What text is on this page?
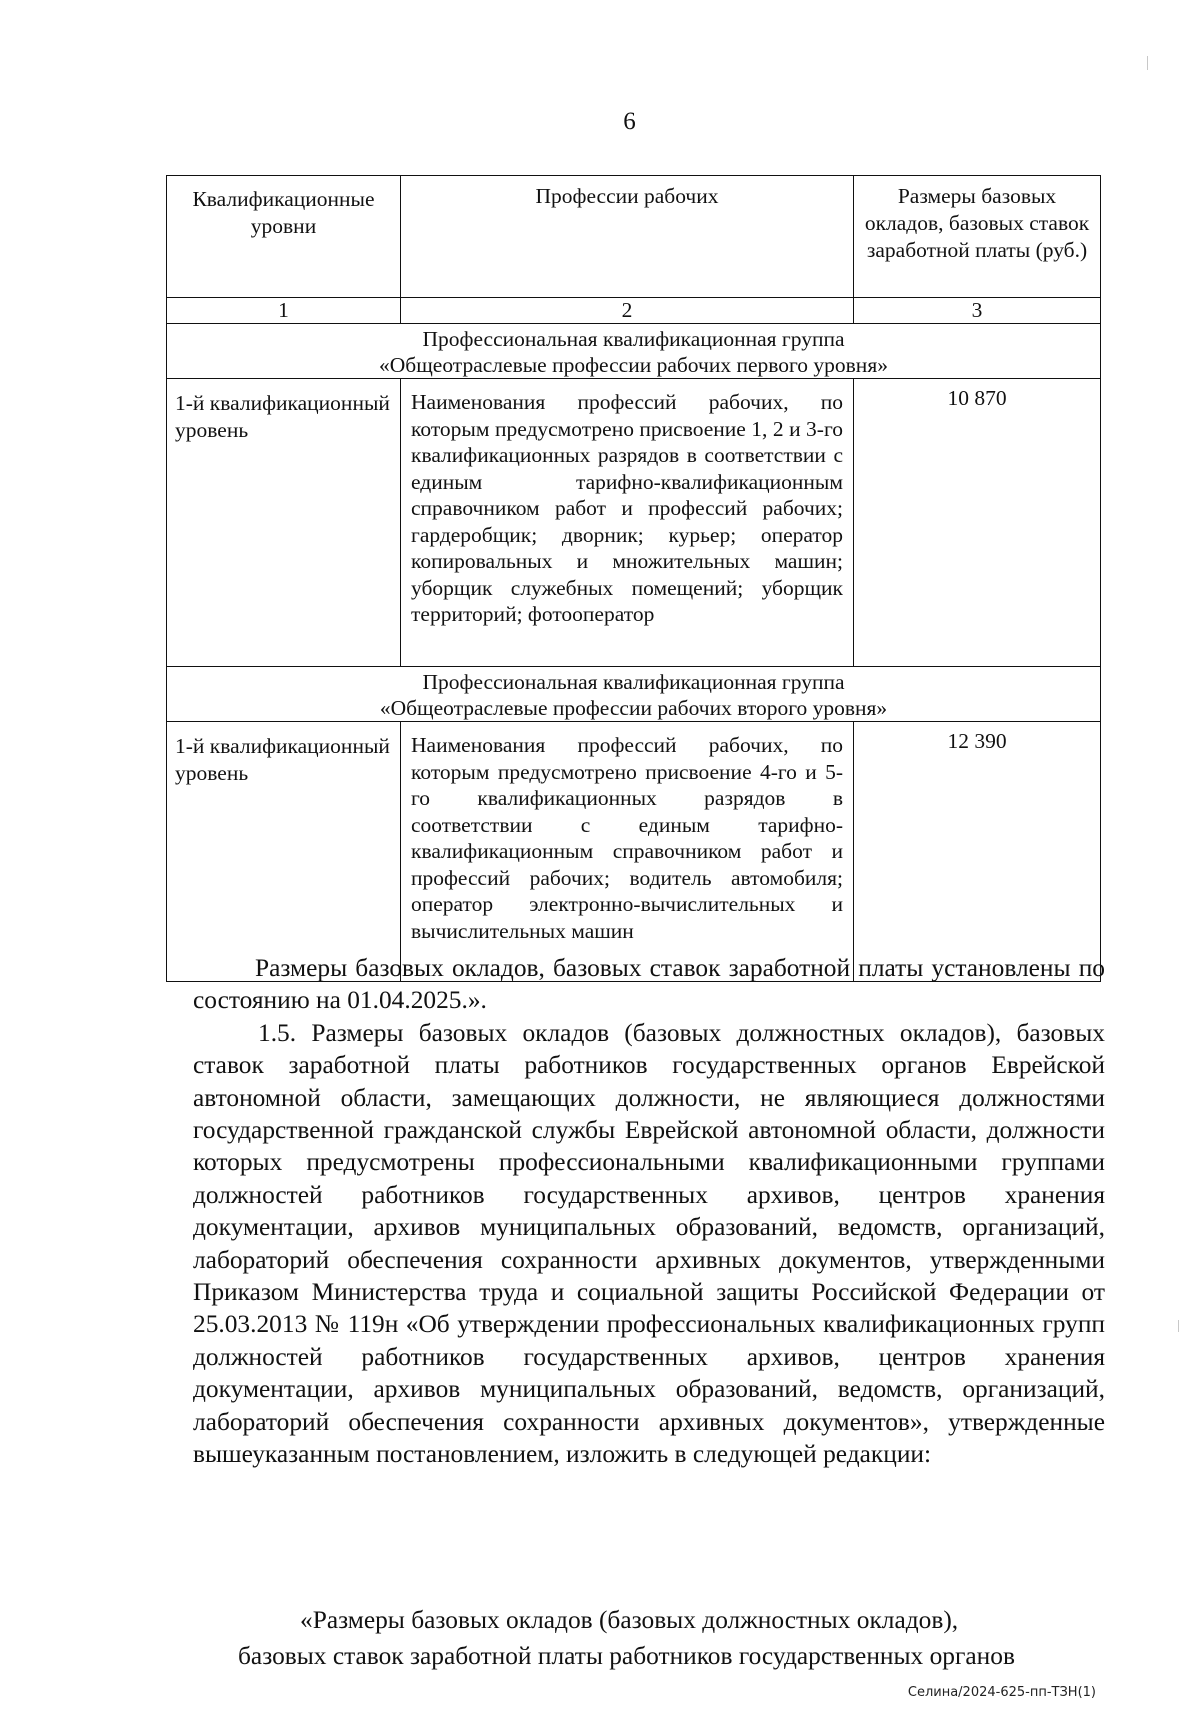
6
Квалификационные уровни	Профессии рабочих	Размеры базовых окладов, базовых ставок заработной платы (руб.)
1	2	3

Профессиональная квалификационная группа
«Общеотраслевые профессии рабочих первого уровня»		

1-й квалификационный уровень	Наименования профессий рабочих, по которым предусмотрено присвоение 1, 2 и 3-го квалификационных разрядов в соответствии с единым тарифно-квалификационным справочником работ и профессий рабочих; гардеробщик; дворник; курьер; оператор копировальных и множительных машин; уборщик служебных помещений; уборщик территорий; фотооператор	10 870

Профессиональная квалификационная группа
«Общеотраслевые профессии рабочих второго уровня»		

1-й квалификационный уровень	Наименования профессий рабочих, по которым предусмотрено присвоение 4-го и 5-го квалификационных разрядов в соответствии с единым тарифно-квалификационным справочником работ и профессий рабочих; водитель автомобиля; оператор электронно-вычислительных и вычислительных машин	12 390

Размеры базовых окладов, базовых ставок заработной платы установлены по состоянию на 01.04.2025.».

1.5. Размеры базовых окладов (базовых должностных окладов), базовых ставок заработной платы работников государственных органов Еврейской автономной области, замещающих должности, не являющиеся должностями государственной гражданской службы Еврейской автономной области, должности которых предусмотрены профессиональными квалификационными группами должностей работников государственных архивов, центров хранения документации, архивов муниципальных образований, ведомств, организаций, лабораторий обеспечения сохранности архивных документов, утвержденными Приказом Министерства труда и социальной защиты Российской Федерации от 25.03.2013 № 119н «Об утверждении профессиональных квалификационных групп должностей работников государственных архивов, центров хранения документации, архивов муниципальных образований, ведомств, организаций, лабораторий обеспечения сохранности архивных документов», утвержденные вышеуказанным постановлением, изложить в следующей редакции:

«Размеры базовых окладов (базовых должностных окладов),
базовых ставок заработной платы работников государственных органов
Селина/2024-625-пп-ТЗН(1)
